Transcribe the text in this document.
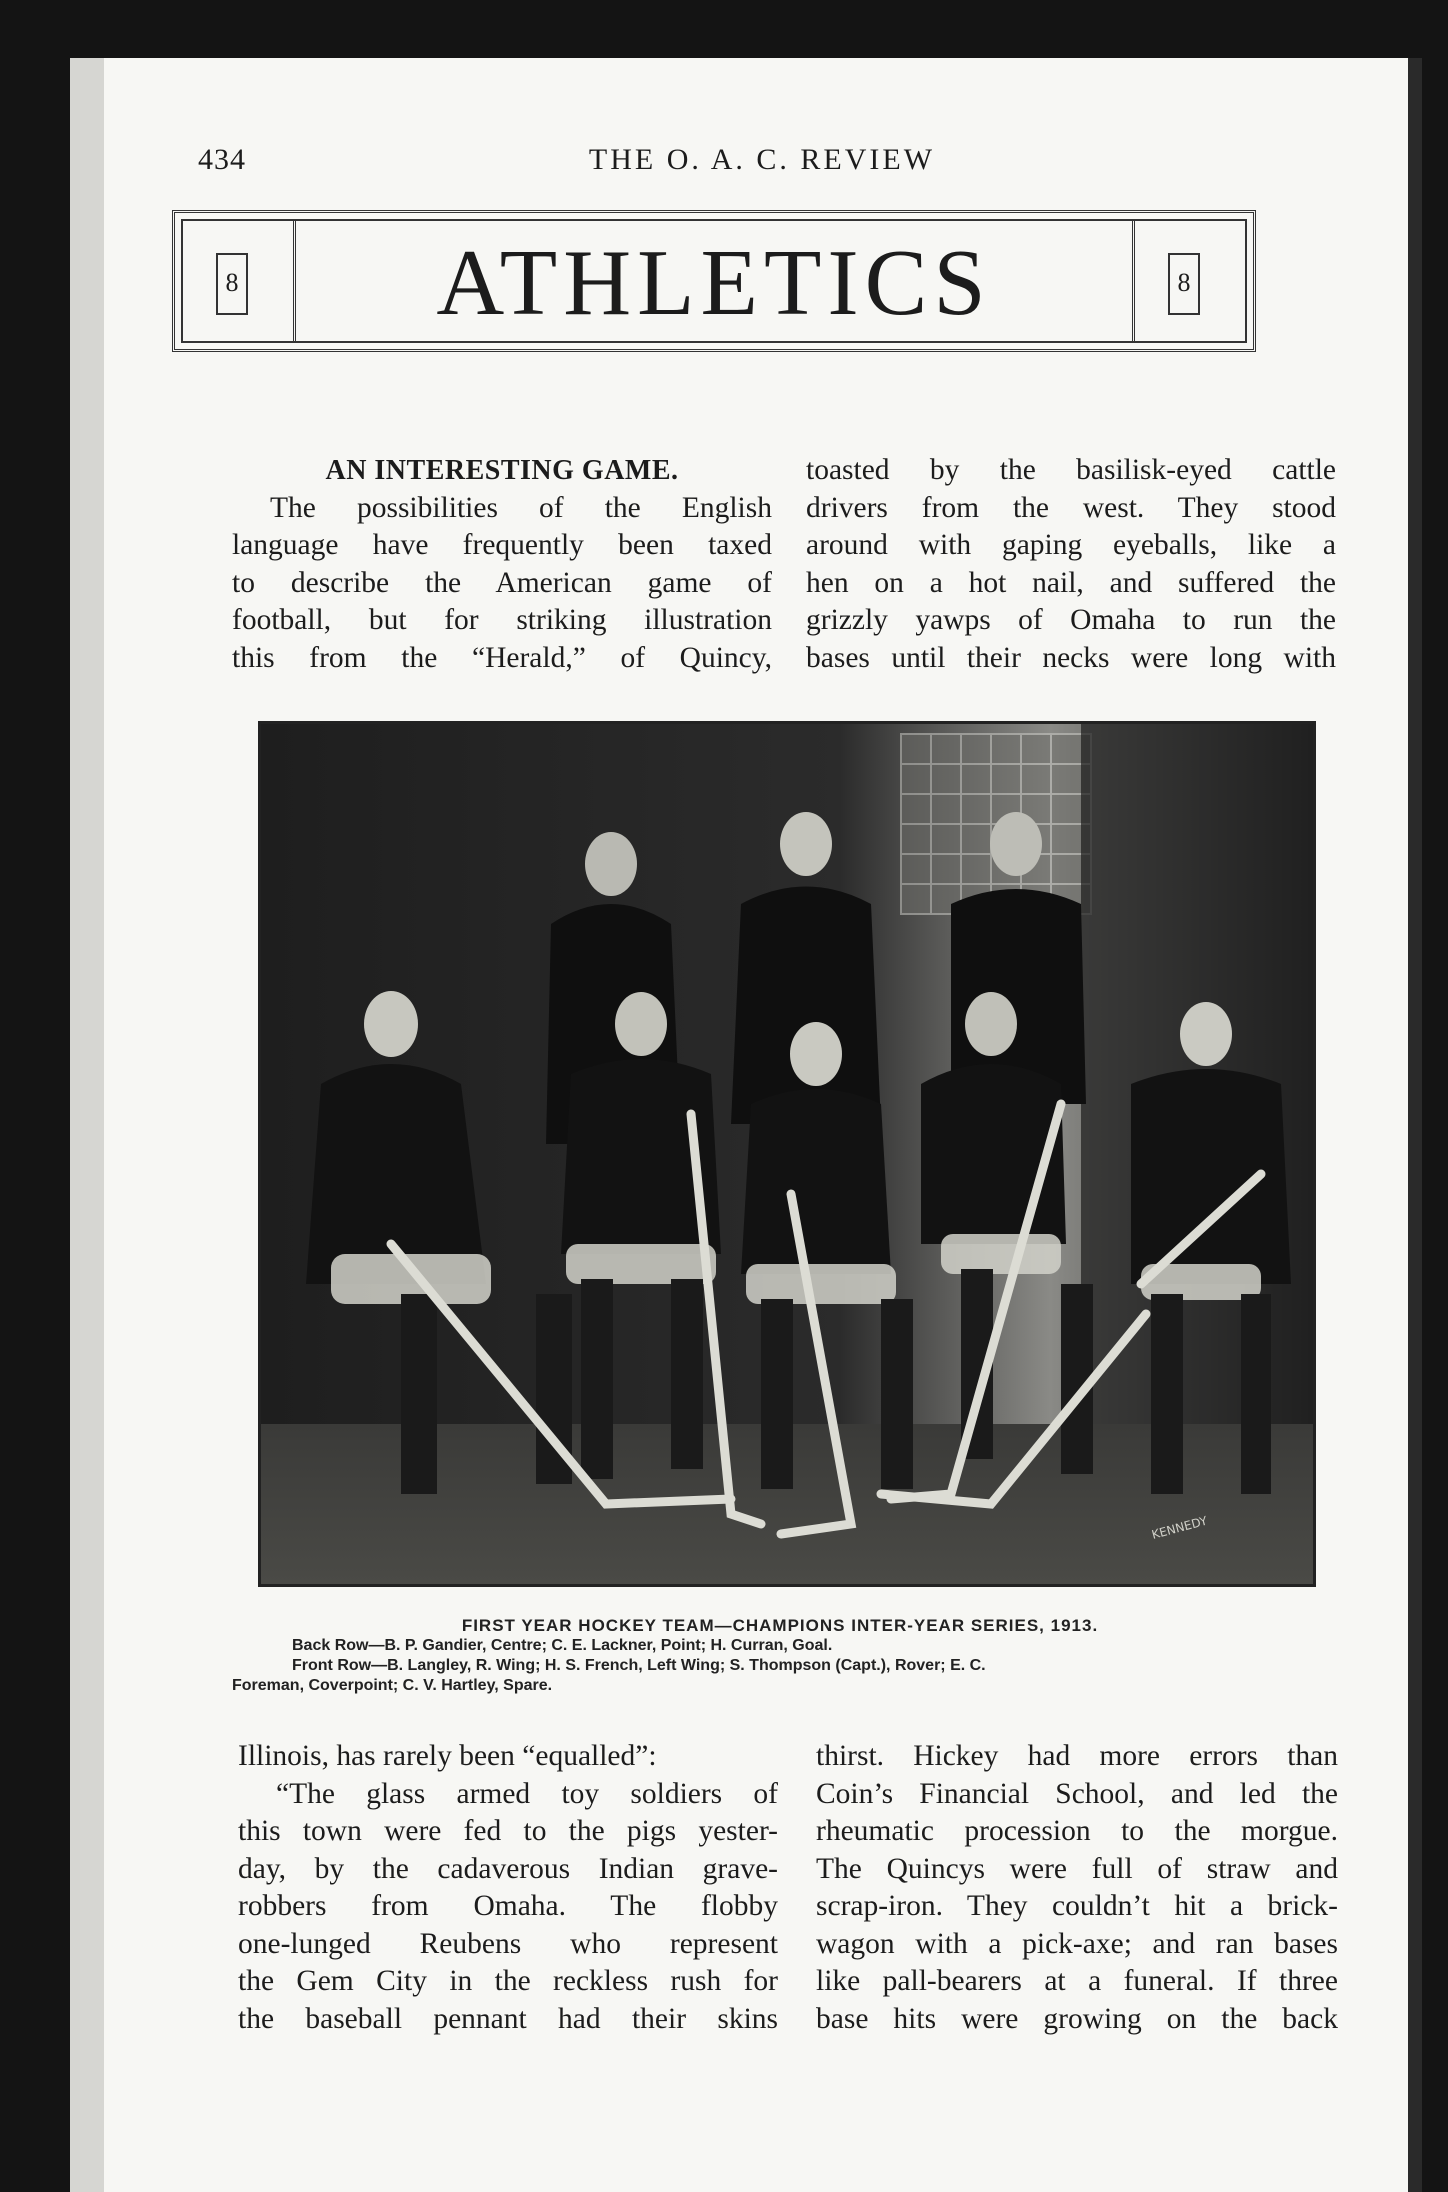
434	THE O. A. C. REVIEW
8	ATHLETICS	8

AN INTERESTING GAME.

The possibilities of the English

language have frequently been taxed

to describe the American game of

football, but for striking illustration

this from the “Herald,” of Quincy,

toasted by the basilisk-eyed cattle

drivers from the west. They stood

around with gaping eyeballs, like a

hen on a hot nail, and suffered the

grizzly yawps of Omaha to run the

bases until their necks were long with

KENNEDY
FIRST YEAR HOCKEY TEAM—CHAMPIONS INTER-YEAR SERIES, 1913.
Back Row—B. P. Gandier, Centre; C. E. Lackner, Point; H. Curran, Goal.
Front Row—B. Langley, R. Wing; H. S. French, Left Wing; S. Thompson (Capt.), Rover; E. C.
Foreman, Coverpoint; C. V. Hartley, Spare.

Illinois, has rarely been “equalled”:

“The glass armed toy soldiers of

this town were fed to the pigs yester-

day, by the cadaverous Indian grave-

robbers from Omaha. The flobby

one-lunged Reubens who represent

the Gem City in the reckless rush for

the baseball pennant had their skins

thirst. Hickey had more errors than

Coin’s Financial School, and led the

rheumatic procession to the morgue.

The Quincys were full of straw and

scrap-iron. They couldn’t hit a brick-

wagon with a pick-axe; and ran bases

like pall-bearers at a funeral. If three

base hits were growing on the back
